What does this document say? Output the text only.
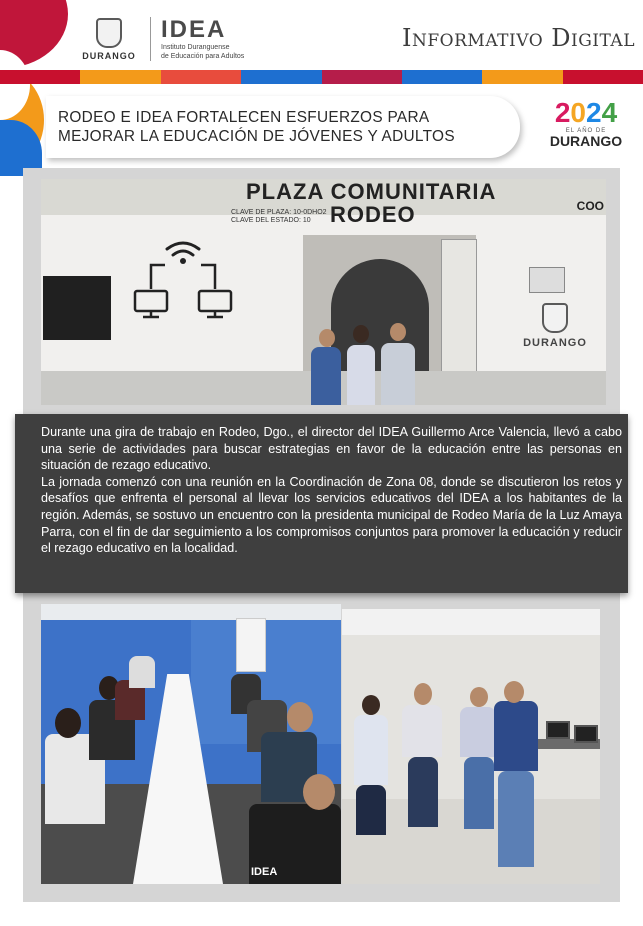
DURANGO
IDEA
Instituto Duranguense
de Educación para Adultos
Informativo Digital
RODEO E IDEA FORTALECEN ESFUERZOS PARA
MEJORAR LA EDUCACIÓN DE JÓVENES Y ADULTOS
2024
EL AÑO DE
DURANGO
PLAZA COMUNITARIA
RODEO	COO
CLAVE DE PLAZA: 10-0DHO2
CLAVE DEL ESTADO: 10
DURANGO

Durante una gira de trabajo en Rodeo, Dgo., el director del IDEA Guillermo Arce Valencia, llevó a cabo una serie de actividades para buscar estrategias en favor de la educación entre las personas en situación de rezago educativo.

La jornada comenzó con una reunión en la Coordinación de Zona 08, donde se discutieron los retos y desafíos que enfrenta el personal al llevar los servicios educativos del IDEA a los habitantes de la región. Además, se sostuvo un encuentro con la presidenta municipal de Rodeo María de la Luz Amaya Parra, con el fin de dar seguimiento a los compromisos conjuntos para promover la educación y reducir el rezago educativo en la localidad.

IDEA
